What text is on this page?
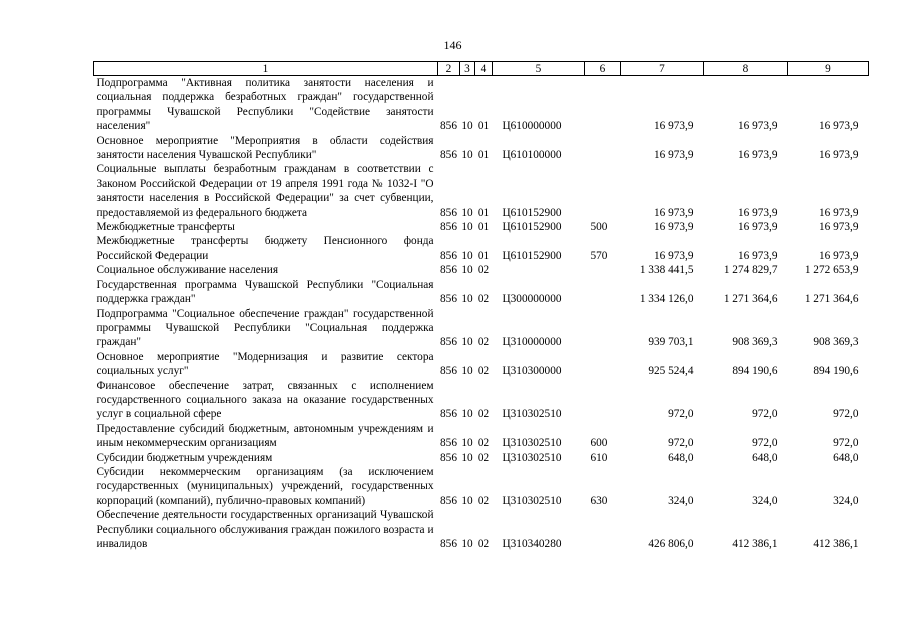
146
1	2	3	4	5	6	7	8	9
Подпрограмма "Активная политика занятости населения и социальная поддержка безработных граждан" государственной программы Чувашской Республики "Содействие занятости населения"	856	10	01	Ц610000000		16 973,9	16 973,9	16 973,9
Основное мероприятие "Мероприятия в области содействия занятости населения Чувашской Республики"	856	10	01	Ц610100000		16 973,9	16 973,9	16 973,9
Социальные выплаты безработным гражданам в соответствии с Законом Российской Федерации от 19 апреля 1991 года № 1032-I "О занятости населения в Российской Федерации" за счет субвенции, предоставляемой из федерального бюджета	856	10	01	Ц610152900		16 973,9	16 973,9	16 973,9
Межбюджетные трансферты	856	10	01	Ц610152900	500	16 973,9	16 973,9	16 973,9
Межбюджетные трансферты бюджету Пенсионного фонда Российской Федерации	856	10	01	Ц610152900	570	16 973,9	16 973,9	16 973,9
Социальное обслуживание населения	856	10	02			1 338 441,5	1 274 829,7	1 272 653,9
Государственная программа Чувашской Республики "Социальная поддержка граждан"	856	10	02	Ц300000000		1 334 126,0	1 271 364,6	1 271 364,6
Подпрограмма "Социальное обеспечение граждан" государственной программы Чувашской Республики "Социальная поддержка граждан"	856	10	02	Ц310000000		939 703,1	908 369,3	908 369,3
Основное мероприятие "Модернизация и развитие сектора социальных услуг"	856	10	02	Ц310300000		925 524,4	894 190,6	894 190,6
Финансовое обеспечение затрат, связанных с исполнением государственного социального заказа на оказание государственных услуг в социальной сфере	856	10	02	Ц310302510		972,0	972,0	972,0
Предоставление субсидий бюджетным, автономным учреждениям и иным некоммерческим организациям	856	10	02	Ц310302510	600	972,0	972,0	972,0
Субсидии бюджетным учреждениям	856	10	02	Ц310302510	610	648,0	648,0	648,0
Субсидии некоммерческим организациям (за исключением государственных (муниципальных) учреждений, государственных корпораций (компаний), публично-правовых компаний)	856	10	02	Ц310302510	630	324,0	324,0	324,0
Обеспечение деятельности государственных организаций Чувашской Республики социального обслуживания граждан пожилого возраста и инвалидов	856	10	02	Ц310340280		426 806,0	412 386,1	412 386,1
